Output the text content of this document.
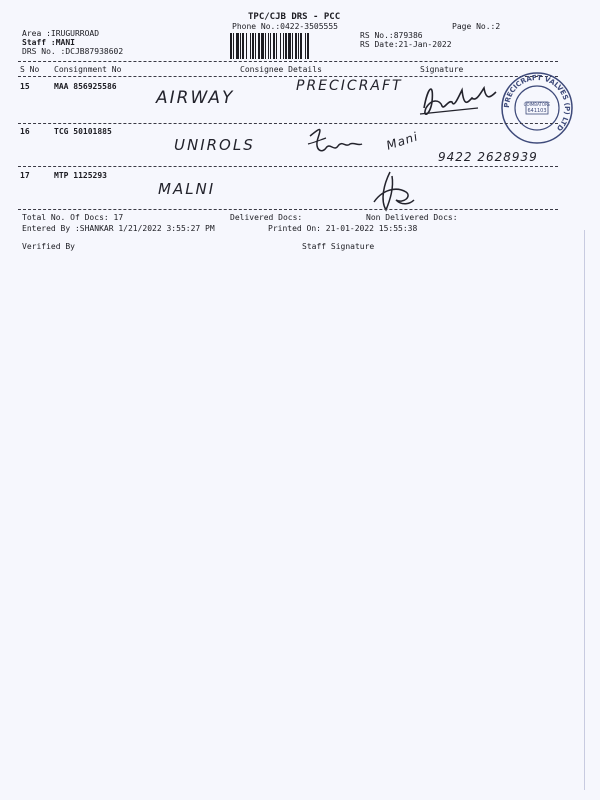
TPC/CJB DRS - PCC
Phone No.:0422-3505555	Page No.:2
Area :IRUGURROAD
Staff :MANI
DRS No. :DCJB87938602
RS No.:879386
RS Date:21-Jan-2022
S No Consignment No	Consignee Details	Signature
15	MAA 856925586
AIRWAY
PRECICRAFT
PRECICRAFT VALVES (P) LTD
COIMBATORE
641103
16	TCG 50101885
UNIROLS	Mani
9422 2628939
17	MTP 1125293
MALNI
Total No. Of Docs: 17	Delivered Docs:	Non Delivered Docs:
Entered By :SHANKAR 1/21/2022 3:55:27 PM	Printed On: 21-01-2022 15:55:38
Verified By	Staff Signature
